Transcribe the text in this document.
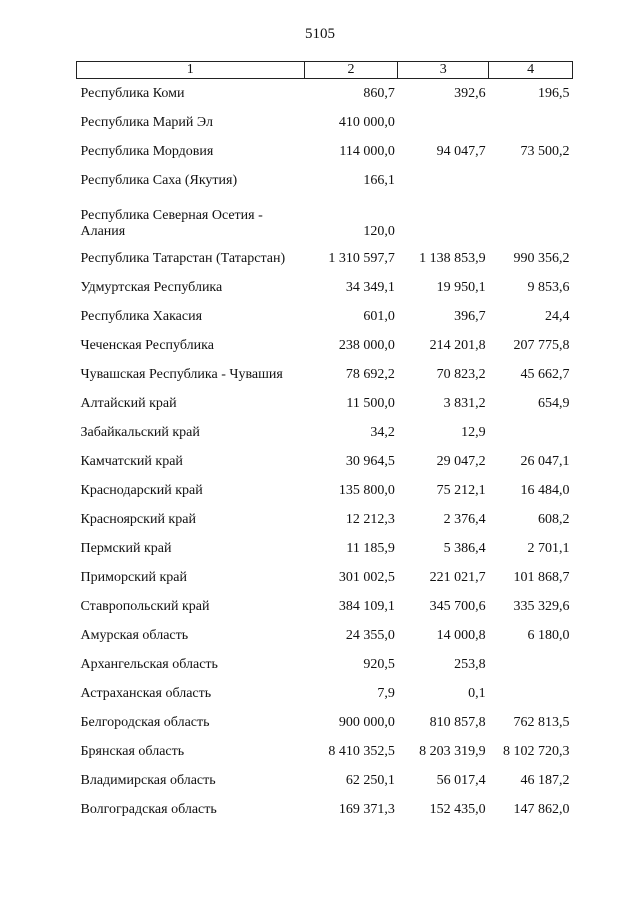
5105
1	2	3	4
Республика Коми	860,7	392,6	196,5
Республика Марий Эл	410 000,0		
Республика Мордовия	114 000,0	94 047,7	73 500,2
Республика Саха (Якутия)	166,1		
Республика Северная Осетия - Алания	120,0		
Республика Татарстан (Татарстан)	1 310 597,7	1 138 853,9	990 356,2
Удмуртская Республика	34 349,1	19 950,1	9 853,6
Республика Хакасия	601,0	396,7	24,4
Чеченская Республика	238 000,0	214 201,8	207 775,8
Чувашская Республика - Чувашия	78 692,2	70 823,2	45 662,7
Алтайский край	11 500,0	3 831,2	654,9
Забайкальский край	34,2	12,9	
Камчатский край	30 964,5	29 047,2	26 047,1
Краснодарский край	135 800,0	75 212,1	16 484,0
Красноярский край	12 212,3	2 376,4	608,2
Пермский край	11 185,9	5 386,4	2 701,1
Приморский край	301 002,5	221 021,7	101 868,7
Ставропольский край	384 109,1	345 700,6	335 329,6
Амурская область	24 355,0	14 000,8	6 180,0
Архангельская область	920,5	253,8	
Астраханская область	7,9	0,1	
Белгородская область	900 000,0	810 857,8	762 813,5
Брянская область	8 410 352,5	8 203 319,9	8 102 720,3
Владимирская область	62 250,1	56 017,4	46 187,2
Волгоградская область	169 371,3	152 435,0	147 862,0
